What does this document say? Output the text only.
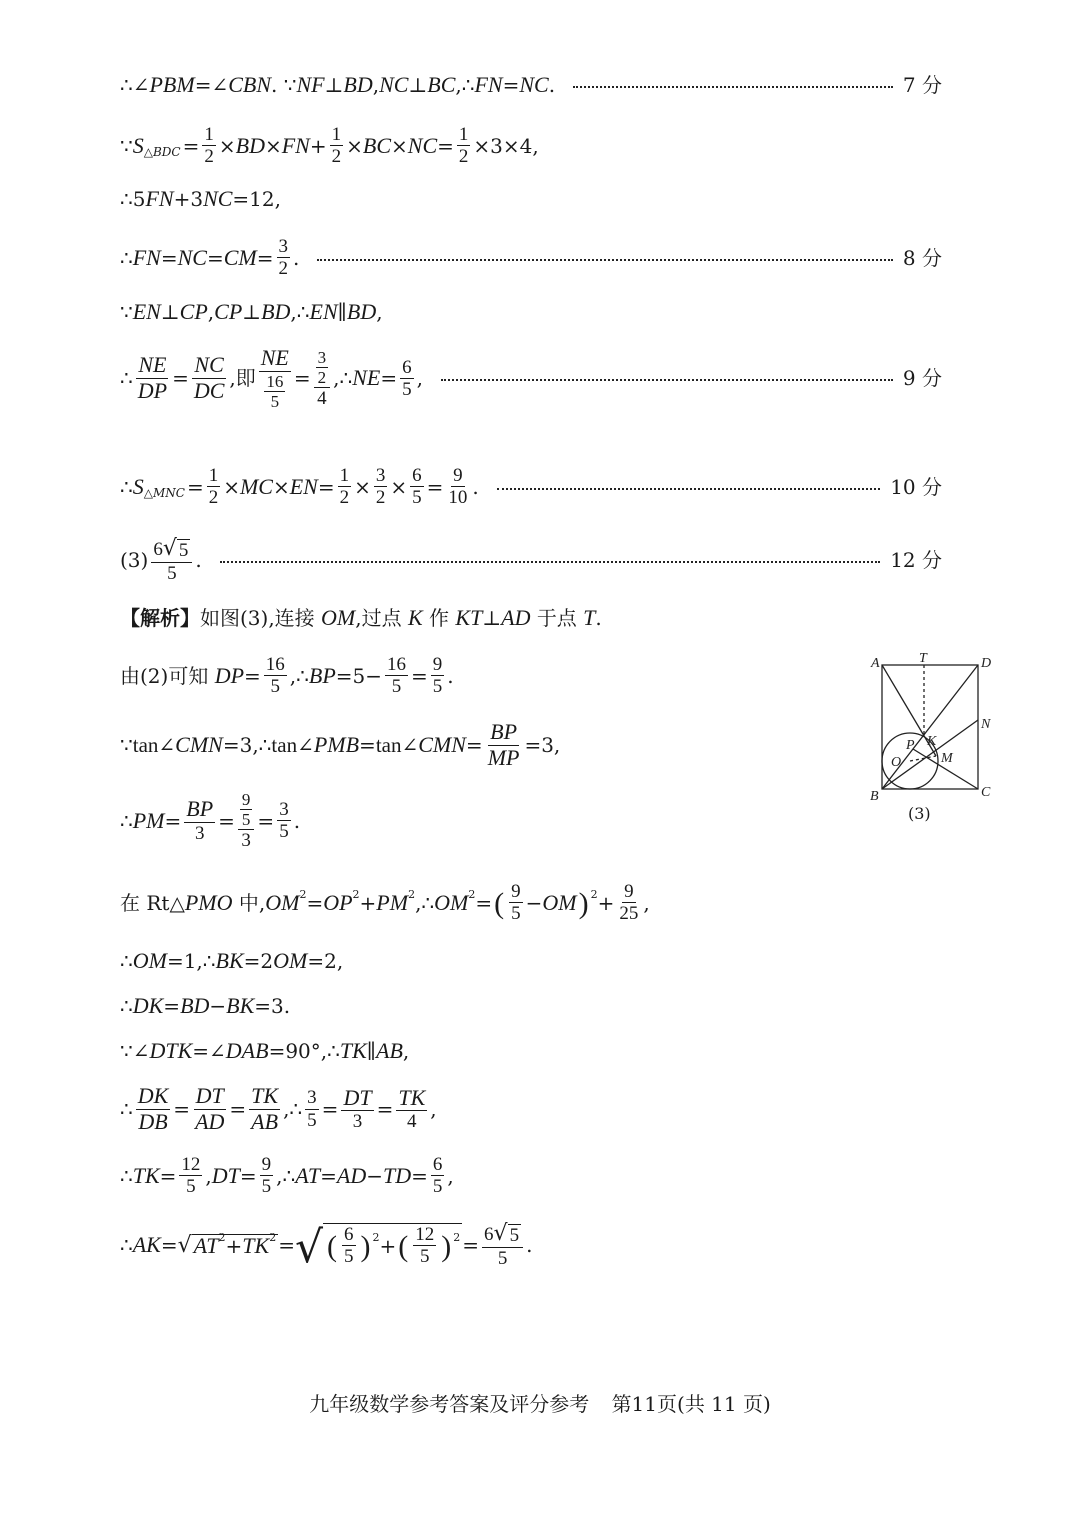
∴∠ PBM =∠ CBN . ∵ NF ⊥ BD , NC ⊥ BC ,∴ FN = NC .	7 分
∵ $S_{\triangle BDC} = \frac{1}{2}$ × BD × FN + $\frac{1}{2}$ × BC × NC = $\frac{1}{2} \times 3\times 4$,
∴5 FN +3 NC =12,
∴ FN = NC = CM = $\frac{3}{2}$ .	8 分
∵ EN ⊥ CP , CP ⊥ BD ,∴ EN ∥ BD ,
∴ $\frac{NE}{DP} = \frac{NC}{DC}$ , 即 $\frac{NE}{\frac{16}{5}} = \frac{\frac{3}{2}}{4}$ ,∴ NE = $\frac{6}{5}$ ,	9 分
∴ $S_{\triangle MNC} = \frac{1}{2}$ × MC × EN = $\frac{1}{2} \times \frac{3}{2} \times \frac{6}{5} = \frac{9}{10}$ .	10 分
$(3) \frac{6 √ 5}{5}$ .	12 分
【解析】 如图(3),连接
OM ,过点
K
作
KT ⊥ AD
于点
T .
由(2)可知
DP = $\frac{16}{5}$ ,∴ BP $=5- \frac{16}{5} = \frac{9}{5}$ .
∵ tan ∠ CMN =3,∴ tan ∠ PMB = tan ∠ CMN = $\frac{BP}{MP} =3$,
∴ PM = $\frac{BP}{3} = \frac{\frac{9}{5}}{3} = \frac{3}{5}$ .
在 Rt△ PMO
中, $OM^2 = OP^2 + PM^2$ ,∴ $OM^2$ = ( $\frac{9}{5}$ − OM )$^2 + \frac{9}{25}$ ,
∴ OM =1,∴ BK =2 OM =2,
∴ DK = BD − BK =3.
∵∠ DTK =∠ DAB =90°,∴ TK ∥ AB ,
∴ $\frac{DK}{DB} = \frac{DT}{AD} = \frac{TK}{AB}$ ,∴ $\frac{3}{5} = \frac{DT}{3} = \frac{TK}{4}$ ,
∴ TK = $\frac{12}{5}$ , DT = $\frac{9}{5}$ ,∴ AT = AD − TD = $\frac{6}{5}$ ,
∴ AK = √ $AT^2 + TK^2$ = √ ( $\frac{6}{5} )^2$ + ( $\frac{12}{5} )^2 = \frac{6 √ 5}{5}$ .
A	T	D
N
P K
O	M
B	C
(3)
九年级数学参考答案及评分参考 第11页(共 11 页)
